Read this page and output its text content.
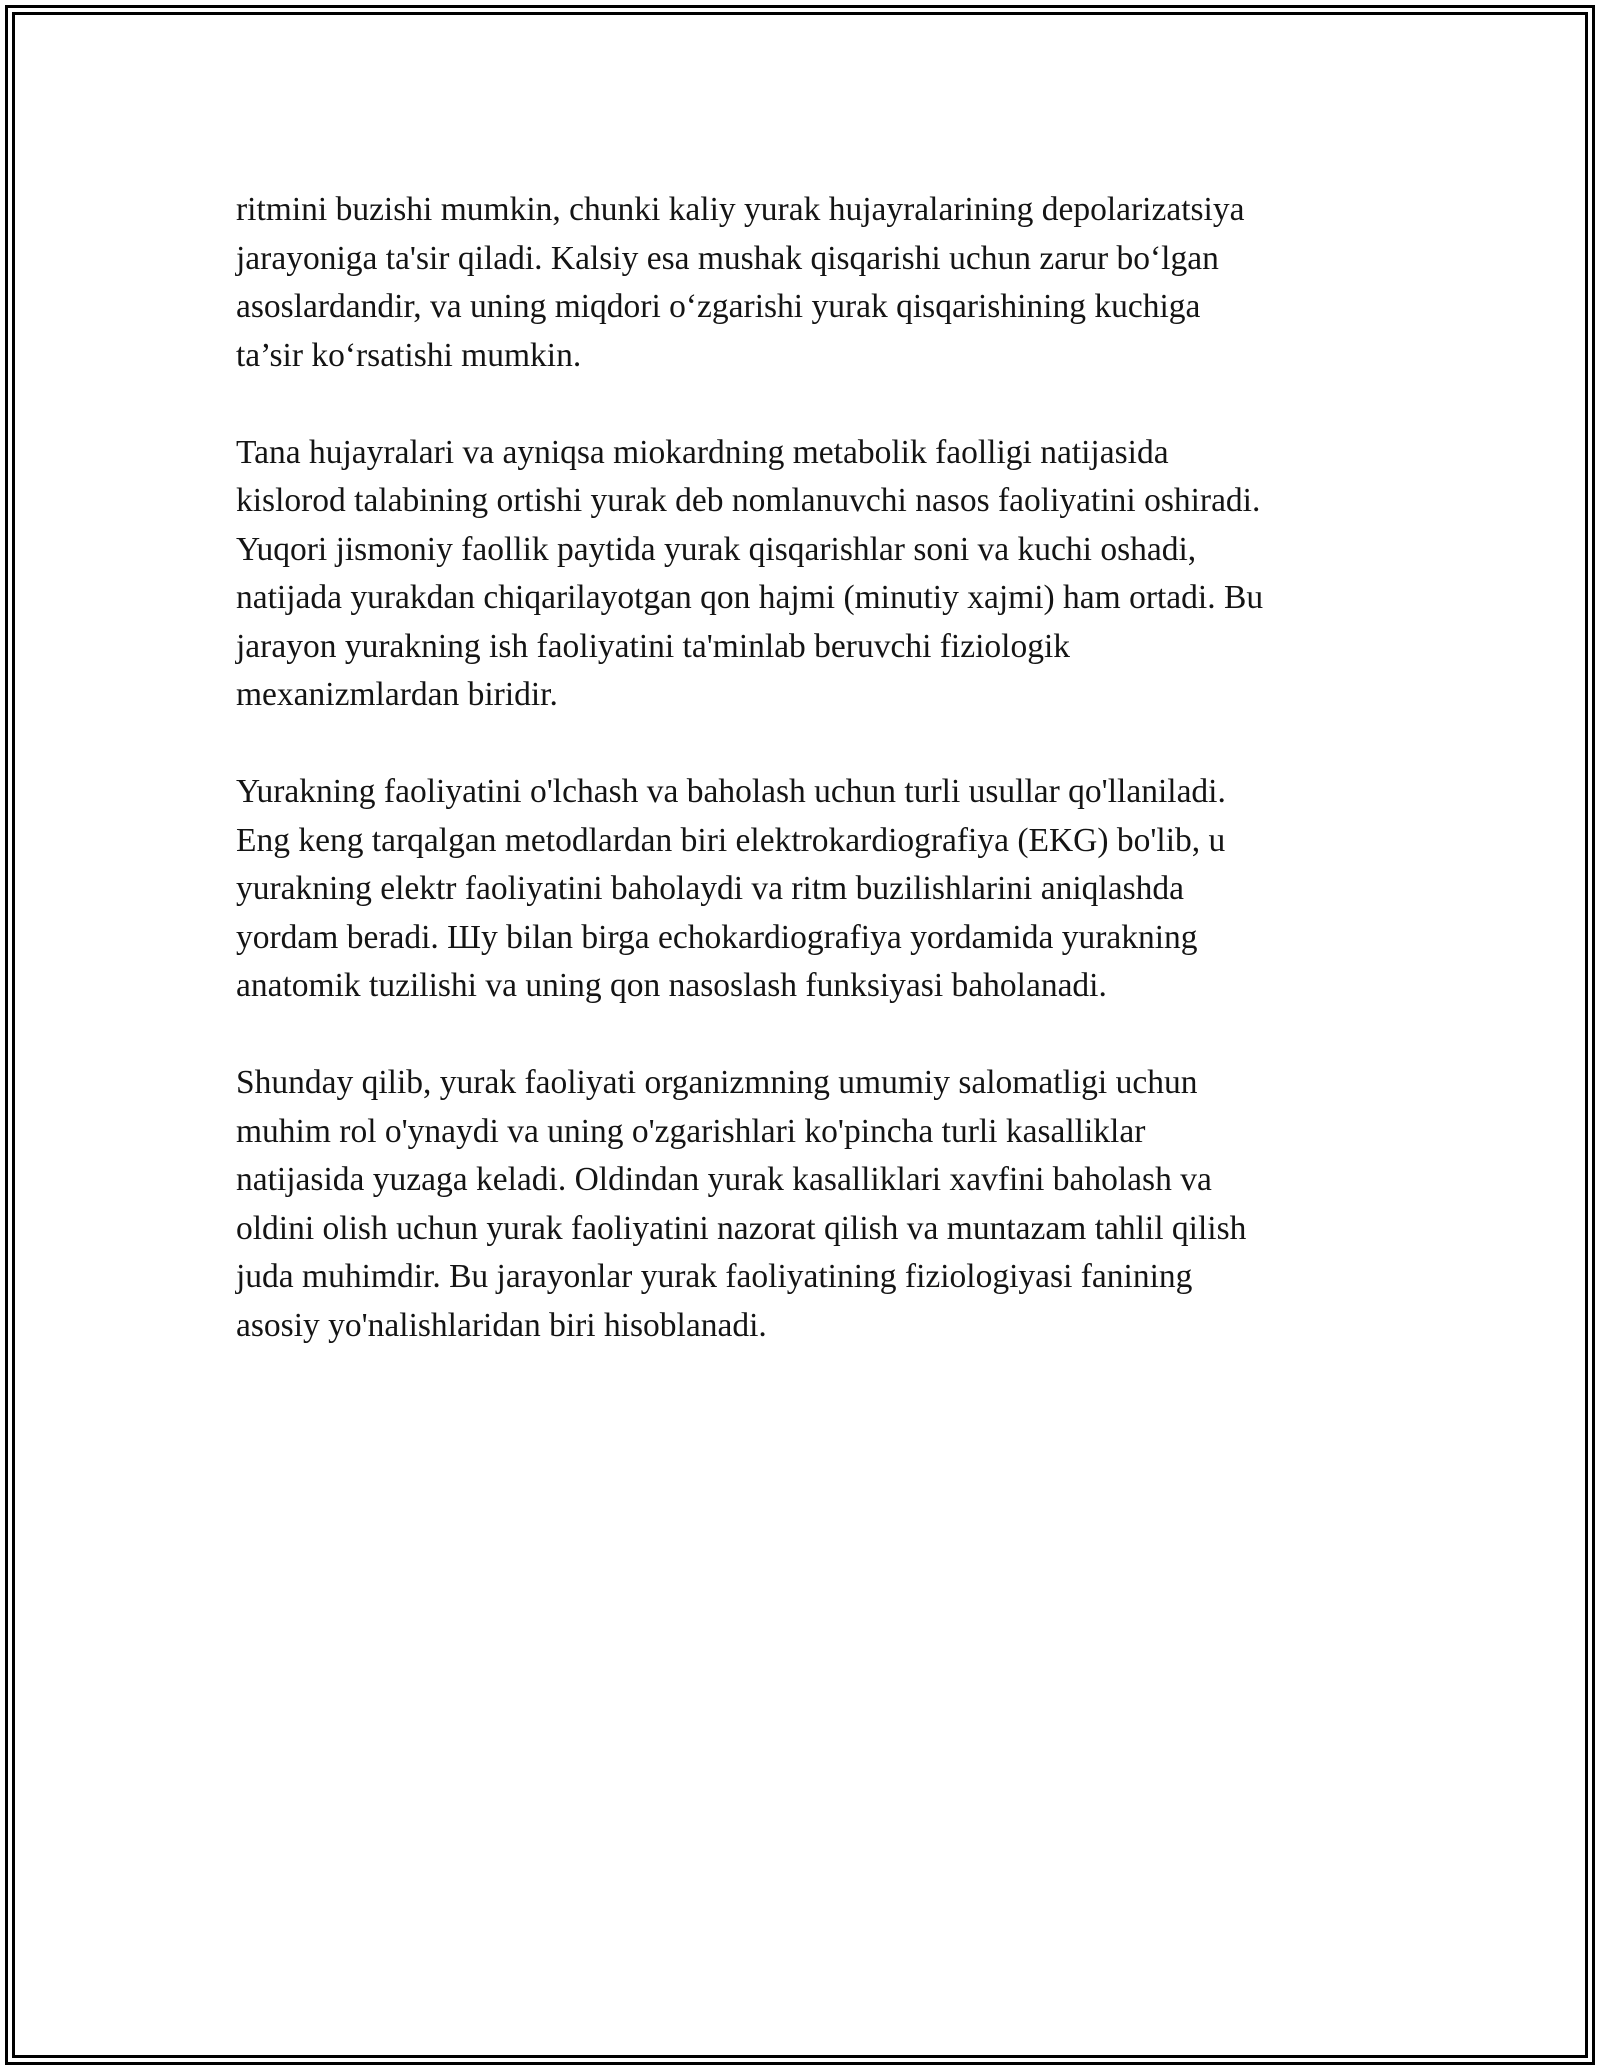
ritmini buzishi mumkin, chunki kaliy yurak hujayralarining depolarizatsiya
jarayoniga ta'sir qiladi. Kalsiy esa mushak qisqarishi uchun zarur bo‘lgan
asoslardandir, va uning miqdori o‘zgarishi yurak qisqarishining kuchiga
ta’sir ko‘rsatishi mumkin.

Tana hujayralari va ayniqsa miokardning metabolik faolligi natijasida
kislorod talabining ortishi yurak deb nomlanuvchi nasos faoliyatini oshiradi.
Yuqori jismoniy faollik paytida yurak qisqarishlar soni va kuchi oshadi,
natijada yurakdan chiqarilayotgan qon hajmi (minutiy xajmi) ham ortadi. Bu
jarayon yurakning ish faoliyatini ta'minlab beruvchi fiziologik
mexanizmlardan biridir.

Yurakning faoliyatini o'lchash va baholash uchun turli usullar qo'llaniladi.
Eng keng tarqalgan metodlardan biri elektrokardiografiya (EKG) bo'lib, u
yurakning elektr faoliyatini baholaydi va ritm buzilishlarini aniqlashda
yordam beradi. Шу bilan birga echokardiografiya yordamida yurakning
anatomik tuzilishi va uning qon nasoslash funksiyasi baholanadi.

Shunday qilib, yurak faoliyati organizmning umumiy salomatligi uchun
muhim rol o'ynaydi va uning o'zgarishlari ko'pincha turli kasalliklar
natijasida yuzaga keladi. Oldindan yurak kasalliklari xavfini baholash va
oldini olish uchun yurak faoliyatini nazorat qilish va muntazam tahlil qilish
juda muhimdir. Bu jarayonlar yurak faoliyatining fiziologiyasi fanining
asosiy yo'nalishlaridan biri hisoblanadi.
